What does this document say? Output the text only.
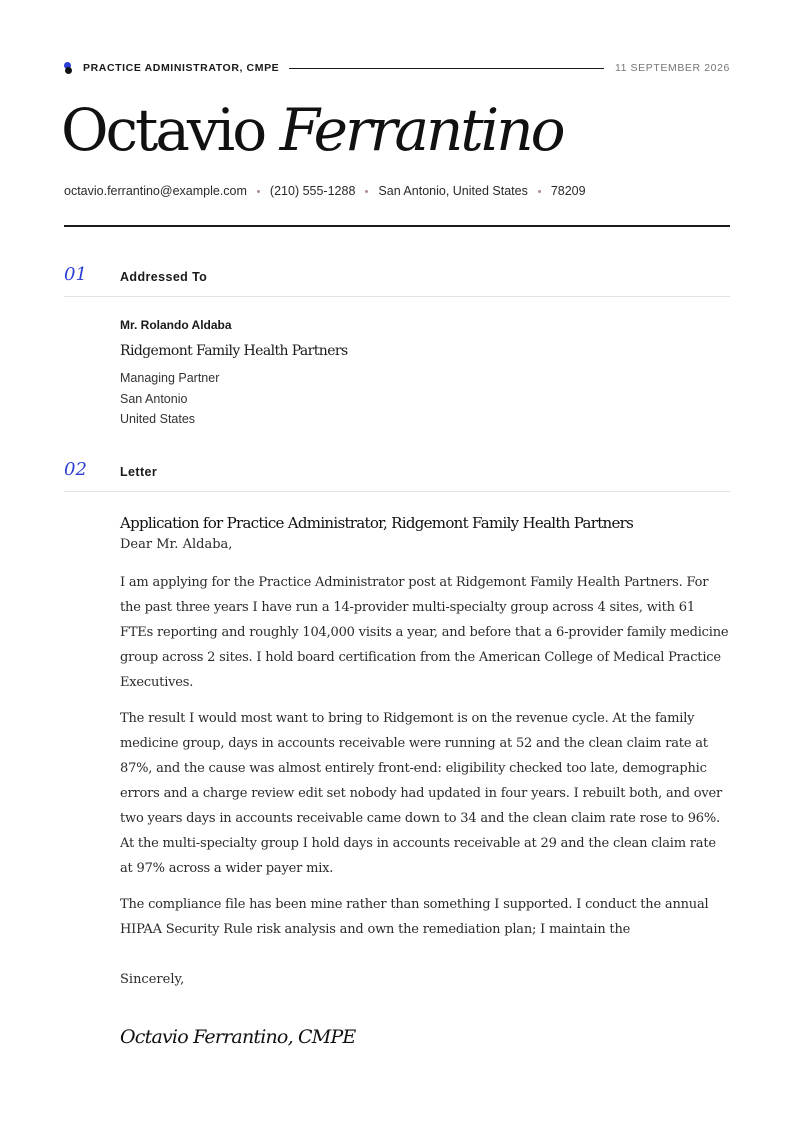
PRACTICE ADMINISTRATOR, CMPE	11 SEPTEMBER 2026
Octavio Ferrantino
octavio.ferrantino@example.com (210) 555-1288 San Antonio, United States 78209
01	Addressed To
Mr. Rolando Aldaba
Ridgemont Family Health Partners
Managing Partner
San Antonio
United States
02	Letter
Application for Practice Administrator, Ridgemont Family Health Partners
Dear Mr. Aldaba,

I am applying for the Practice Administrator post at Ridgemont Family Health Partners. For the past three years I have run a 14-provider multi-specialty group across 4 sites, with 61 FTEs reporting and roughly 104,000 visits a year, and before that a 6-provider family medicine group across 2 sites. I hold board certification from the American College of Medical Practice Executives.

The result I would most want to bring to Ridgemont is on the revenue cycle. At the family medicine group, days in accounts receivable were running at 52 and the clean claim rate at 87%, and the cause was almost entirely front-end: eligibility checked too late, demographic errors and a charge review edit set nobody had updated in four years. I rebuilt both, and over two years days in accounts receivable came down to 34 and the clean claim rate rose to 96%. At the multi-specialty group I hold days in accounts receivable at 29 and the clean claim rate at 97% across a wider payer mix.

The compliance file has been mine rather than something I supported. I conduct the annual HIPAA Security Rule risk analysis and own the remediation plan; I maintain the

Sincerely,
Octavio Ferrantino, CMPE
